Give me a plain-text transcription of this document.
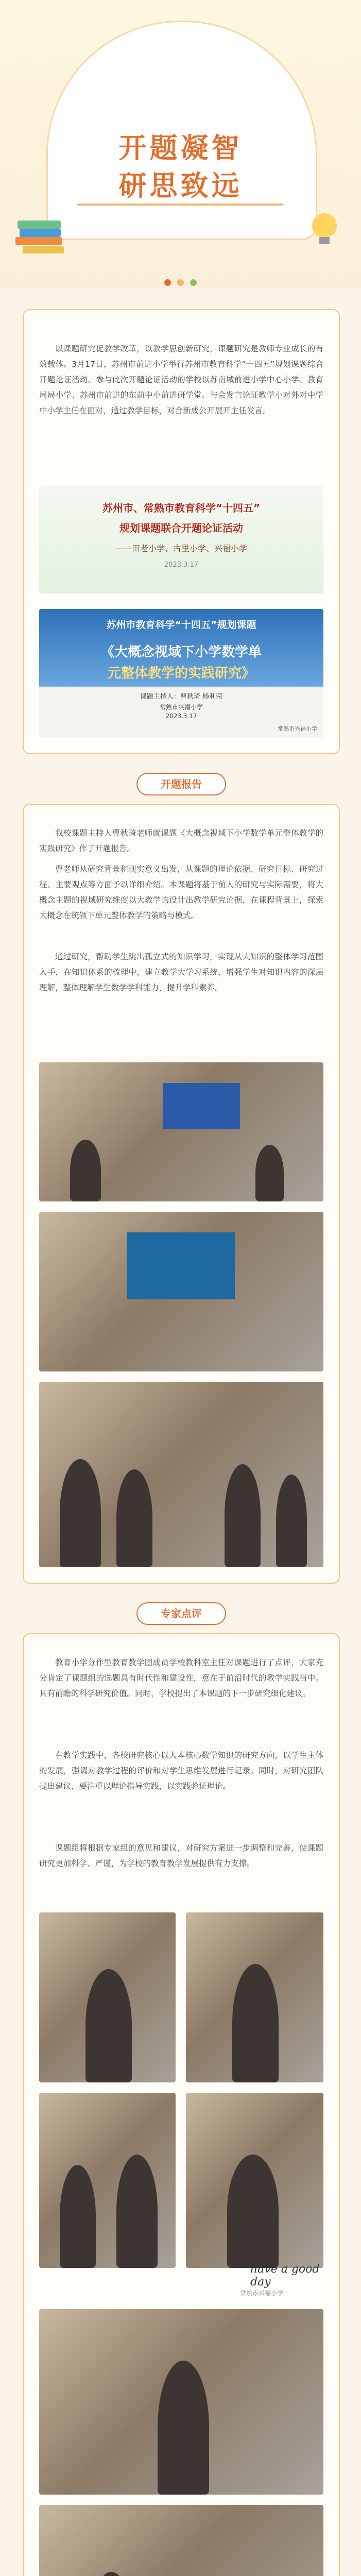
开题凝智
研思致远
以课题研究促教学改革，以教学思创新研究，课题研究是教师专业成长的有效载体。3月17日，苏州市前进小学举行苏州市教育科学“十四五”规划课题综合开题论证活动。参与此次开题论证活动的学校以苏南城前进小学中心小学、教育局局小学、苏州市前进的东前中小前进研学堂。与会发言论证教学小对外对中学中小学主任在面对，通过教学目标，对合新成公开展开主任发言。
苏州市、常熟市教育科学“十四五”
规划课题联合开题论证活动
——田老小学、古里小学、兴福小学
2023.3.17
苏州市教育科学“十四五”规划课题
《大概念视域下小学数学单
元整体教学的实践研究》
课题主持人：曹秋琦 杨利荣
常熟市兴福小学
2023.3.17
常熟市兴福小学
开题报告
我校课题主持人曹秋琦老师就课题《大概念视域下小学数学单元整体教学的实践研究》作了开题报告。
曹老师从研究背景和现实意义出发，从课题的理论依据、研究目标、研究过程、主要观点等方面予以详细介绍。本课题将基于前人的研究与实际需要，将大概念主题的视域研究维度以大教学的设计出教学研究论据，在课程背景上，探索大概念在统领下单元整体教学的策略与模式。
通过研究，帮助学生跳出孤立式的知识学习，实现从大知识的整体学习范围入手，在知识体系的梳理中，建立教学大学习系统，增强学生对知识内容的深层理解，整体理解学生数学学科能力，提升学科素养。
专家点评
教育小学分作型教育教学团成员学校教科室主任对课题进行了点评，大家充分肯定了课题组的选题具有时代性和建设性，意在于前沿时代的教学实践当中。具有前瞻的科学研究价值。同时，学校提出了本课题的下一步研究细化建议。
在教学实践中，各校研究核心以人本核心数学知识的研究方向，以学生主体的发展，强调对教学过程的评价和对学生思维发展进行记录。同时，对研究团队提出建议，要注重以理论指导实践，以实践验证理论。
课题组将根据专家组的意见和建议，对研究方案进一步调整和完善，使课题研究更加科学、严谨，为学校的教育教学发展提供有力支撑。
have a good day
常熟市兴福小学
